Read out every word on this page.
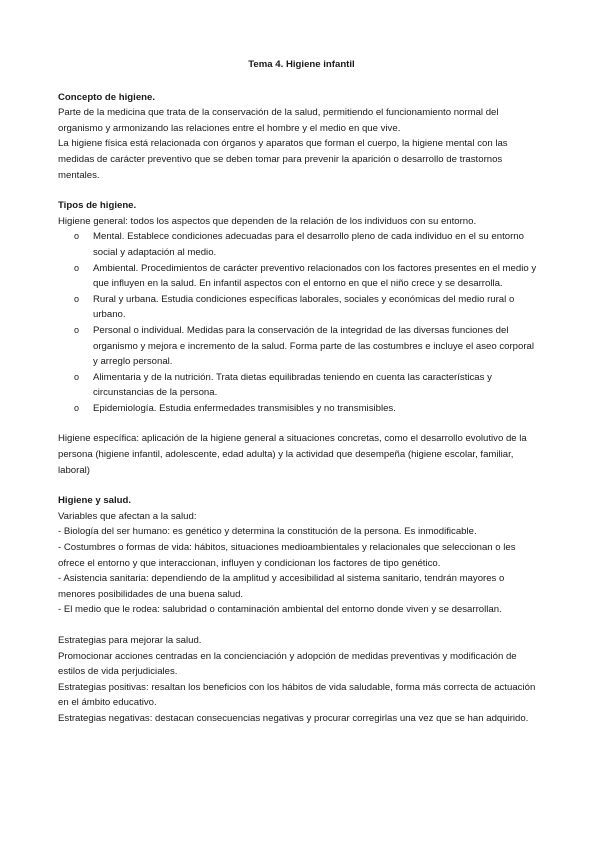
Tema 4. Higiene infantil

Concepto de higiene.

Parte de la medicina que trata de la conservación de la salud, permitiendo el funcionamiento normal del organismo y armonizando las relaciones entre el hombre y el medio en que vive.

La higiene física está relacionada con órganos y aparatos que forman el cuerpo, la higiene mental con las medidas de carácter preventivo que se deben tomar para prevenir la aparición o desarrollo de trastornos mentales.

Tipos de higiene.

Higiene general: todos los aspectos que dependen de la relación de los individuos con su entorno.

o Mental. Establece condiciones adecuadas para el desarrollo pleno de cada individuo en el su entorno social y adaptación al medio.
o Ambiental. Procedimientos de carácter preventivo relacionados con los factores presentes en el medio y que influyen en la salud. En infantil aspectos con el entorno en que el niño crece y se desarrolla.
o Rural y urbana. Estudia condiciones específicas laborales, sociales y económicas del medio rural o urbano.
o Personal o individual. Medidas para la conservación de la integridad de las diversas funciones del organismo y mejora e incremento de la salud. Forma parte de las costumbres e incluye el aseo corporal y arreglo personal.
o Alimentaria y de la nutrición. Trata dietas equilibradas teniendo en cuenta las características y circunstancias de la persona.
o Epidemiología. Estudia enfermedades transmisibles y no transmisibles.

Higiene específica: aplicación de la higiene general a situaciones concretas, como el desarrollo evolutivo de la persona (higiene infantil, adolescente, edad adulta) y la actividad que desempeña (higiene escolar, familiar, laboral)

Higiene y salud.

Variables que afectan a la salud:

- Biología del ser humano: es genético y determina la constitución de la persona. Es inmodificable.

- Costumbres o formas de vida: hábitos, situaciones medioambientales y relacionales que seleccionan o les ofrece el entorno y que interaccionan, influyen y condicionan los factores de tipo genético.

- Asistencia sanitaria: dependiendo de la amplitud y accesibilidad al sistema sanitario, tendrán mayores o menores posibilidades de una buena salud.

- El medio que le rodea: salubridad o contaminación ambiental del entorno donde viven y se desarrollan.

Estrategias para mejorar la salud.

Promocionar acciones centradas en la concienciación y adopción de medidas preventivas y modificación de estilos de vida perjudiciales.

Estrategias positivas: resaltan los beneficios con los hábitos de vida saludable, forma más correcta de actuación en el ámbito educativo.

Estrategias negativas: destacan consecuencias negativas y procurar corregirlas una vez que se han adquirido.
